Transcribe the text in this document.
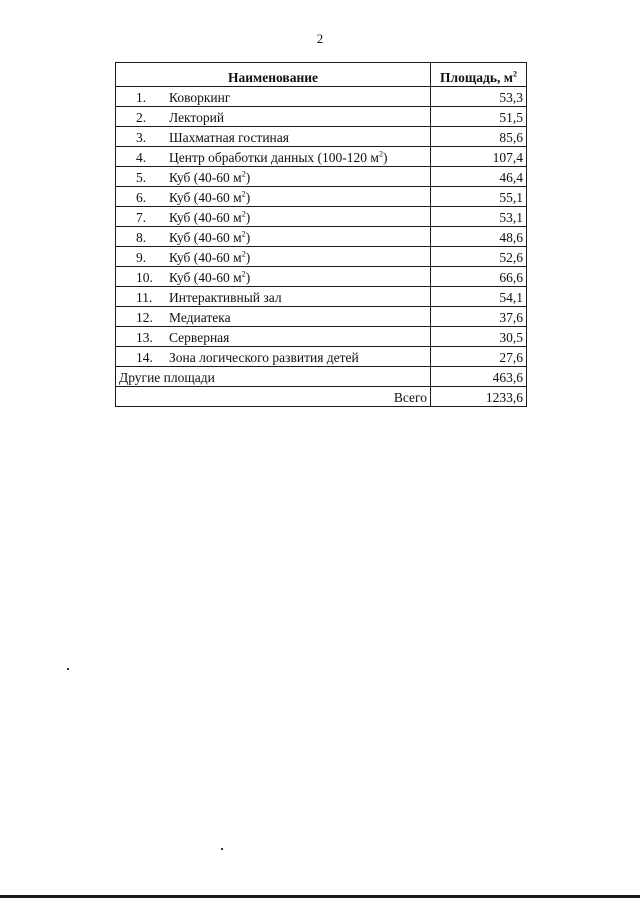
2
Наименование		Площадь, $м^2$
1.	Коворкинг	53,3
2.	Лекторий	51,5
3.	Шахматная гостиная	85,6
4.	Центр обработки данных (100-120 $м^2$)	107,4
5.	Куб (40-60 $м^2$)	46,4
6.	Куб (40-60 $м^2$)	55,1
7.	Куб (40-60 $м^2$)	53,1
8.	Куб (40-60 $м^2$)	48,6
9.	Куб (40-60 $м^2$)	52,6
10.	Куб (40-60 $м^2$)	66,6
11.	Интерактивный зал	54,1
12.	Медиатека	37,6
13.	Серверная	30,5
14.	Зона логического развития детей	27,6
Другие площади		463,6
Всего		1233,6
